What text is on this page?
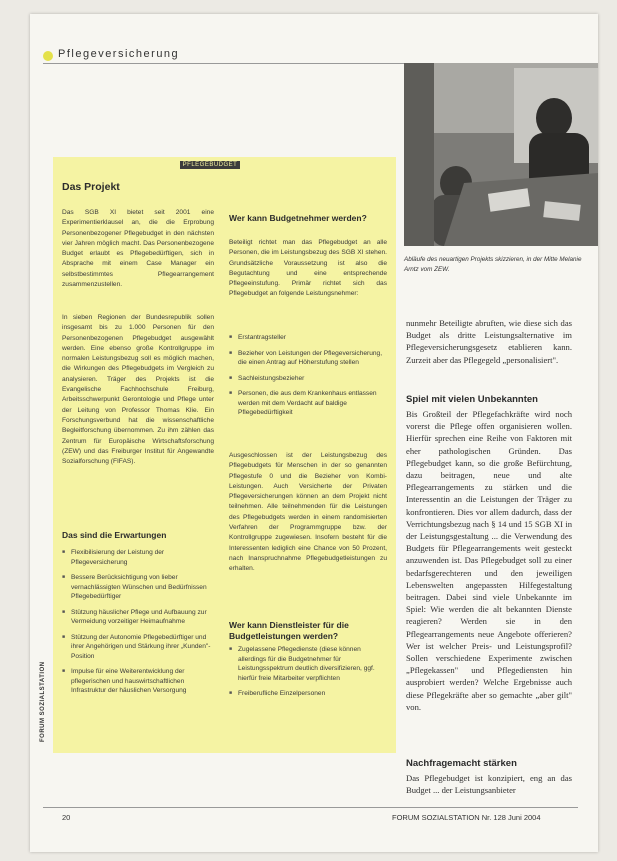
Pflegeversicherung
PFLEGEBUDGET
Das Projekt
Das SGB XI bietet seit 2001 eine Experimentierklausel an, die die Erprobung Personenbezogener Pflegebudget in den nächsten vier Jahren möglich macht. Das Personenbezogene Budget erlaubt es Pflegebedürftigen, sich in Absprache mit einem Case Manager ein selbstbestimmtes Pflegearrangement zusammenzustellen.
In sieben Regionen der Bundesrepublik sollen insgesamt bis zu 1.000 Personen für den Personenbezogenen Pflegebudget ausgewählt werden. Eine ebenso große Kontrollgruppe im normalen Leistungsbezug soll es möglich machen, die Wirkungen des Pflegebudgets im Vergleich zu analysieren. Träger des Projekts ist die Evangelische Fachhochschule Freiburg, Arbeitsschwerpunkt Gerontologie und Pflege unter der Leitung von Professor Thomas Klie. Ein Forschungsverbund hat die wissenschaftliche Begleitforschung übernommen. Zu ihm zählen das Zentrum für Europäische Wirtschaftsforschung (ZEW) und das Freiburger Institut für Angewandte Sozialforschung (FIFAS).
Das sind die Erwartungen
■ Flexibilisierung der Leistung der Pflegeversicherung
■ Bessere Berücksichtigung von lieber vernachlässigten Wünschen und Bedürfnissen Pflegebedürftiger
■ Stützung häuslicher Pflege und Aufbauung zur Vermeidung vorzeitiger Heimaufnahme
■ Stützung der Autonomie Pflegebedürftiger und ihrer Angehörigen und Stärkung ihrer „Kunden"-Position
■ Impulse für eine Weiterentwicklung der pflegerischen und hauswirtschaftlichen Infrastruktur der häuslichen Versorgung
Wer kann Budgetnehmer werden?
Beteiligt richtet man das Pflegebudget an alle Personen, die im Leistungsbezug des SGB XI stehen. Grundsätzliche Voraussetzung ist also die Begutachtung und eine entsprechende Pflegeeinstufung. Primär richtet sich das Pflegebudget an folgende Leistungsnehmer:
■ Erstantragsteller
■ Bezieher von Leistungen der Pflegeversicherung, die einen Antrag auf Höherstufung stellen
■ Sachleistungsbezieher
■ Personen, die aus dem Krankenhaus entlassen werden mit dem Verdacht auf baldige Pflegebedürftigkeit
Ausgeschlossen ist der Leistungsbezug des Pflegebudgets für Menschen in der so genannten Pflegestufe 0 und die Bezieher von Kombi-Leistungen. Auch Versicherte der Privaten Pflegeversicherungen können an dem Projekt nicht teilnehmen. Alle teilnehmenden für die Leistungen des Pflegebudgets werden in einem randomisierten Verfahren der Programmgruppe bzw. der Kontrollgruppe zugewiesen. Insofern besteht für die Interessenten lediglich eine Chance von 50 Prozent, nach Inanspruchnahme Pflegebudgetleistungen zu erhalten.
Wer kann Dienstleister für die Budgetleistungen werden?
■ Zugelassene Pflegedienste (diese können allerdings für die Budgetnehmer für Leistungsspektrum deutlich diversifizieren, ggf. hierfür freie Mitarbeiter verpflichten
■ Freiberufliche Einzelpersonen
Abläufe des neuartigen Projekts skizzieren, in der Mitte Melanie Arntz vom ZEW.
nunmehr Beteiligte abruften, wie diese sich das Budget als dritte Leistungsalternative im Pflegeversicherungsgesetz etablieren kann. Zurzeit aber das Pflegegeld „personalisiert".
Spiel mit vielen Unbekannten
Bis Großteil der Pflegefachkräfte wird noch vorerst die Pflege offen organisieren wollen. Hierfür sprechen eine Reihe von Faktoren mit eher pathologischen Gründen. Das Pflegebudget kann, so die große Befürchtung, dazu beitragen, neue und alte Pflegearrangements zu stärken und die Interessentin an die Leistungen der Träger zu konfrontieren. Dies vor allem dadurch, dass der Verrichtungsbezug nach § 14 und 15 SGB XI in der Leistungsgestaltung ... die Verwendung des Budgets für Pflegearrangements weit gesteckt anzuwenden ist. Das Pflegebudget soll zu einer bedarfsgerechteren und den jeweiligen Lebenswelten angepassten Hilfegestaltung beitragen. Dabei sind viele Unbekannte im Spiel: Wie werden die alt bekannten Dienste reagieren? Werden sie in den Pflegearrangements neue Angebote offerieren? Wer ist welcher Preis- und Leistungsprofil? Sollen verschiedene Experimente zwischen „Pflegekassen" und Pflegediensten hin ausprobiert werden? Welche Ergebnisse auch diese Pflegekräfte aber so gemachte „aber gilt" von.
Nachfragemacht stärken
Das Pflegebudget ist konzipiert, eng an das Budget ... der Leistungsanbieter
FORUM SOZIALSTATION
20	FORUM SOZIALSTATION Nr. 128 Juni 2004
